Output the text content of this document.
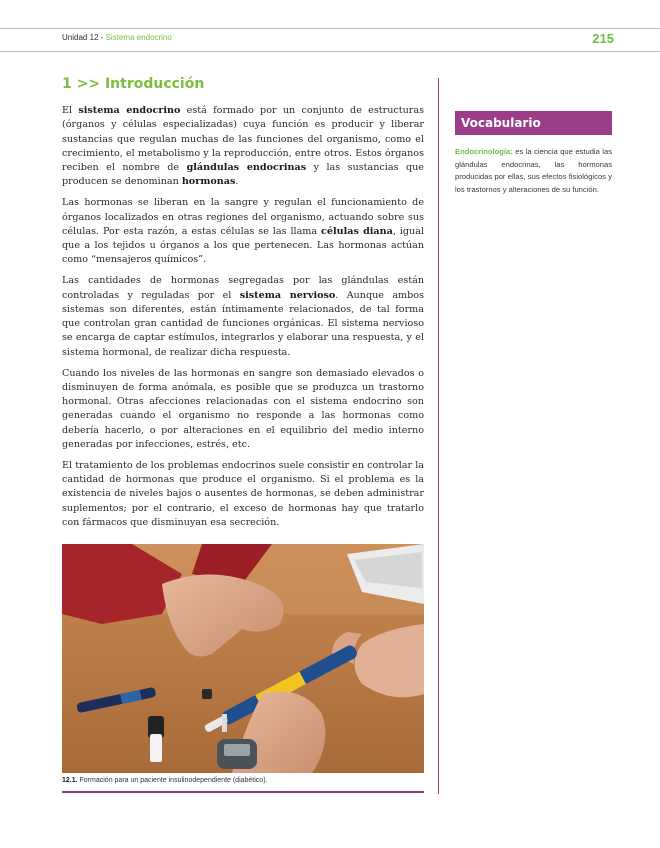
Unidad 12 - Sistema endocrino	215
1 >> Introducción

El sistema endocrino está formado por un conjunto de estructuras (órganos y células especializadas) cuya función es producir y liberar sustancias que regulan muchas de las funciones del organismo, como el crecimiento, el metabolismo y la reproducción, entre otros. Estos órganos reciben el nombre de glándulas endocrinas y las sustancias que producen se denominan hormonas.

Las hormonas se liberan en la sangre y regulan el funcionamiento de órganos localizados en otras regiones del organismo, actuando sobre sus células. Por esta razón, a estas células se las llama células diana, igual que a los tejidos u órganos a los que pertenecen. Las hormonas actúan como “mensajeros químicos”.

Las cantidades de hormonas segregadas por las glándulas están controladas y reguladas por el sistema nervioso. Aunque ambos sistemas son diferentes, están íntimamente relacionados, de tal forma que controlan gran cantidad de funciones orgánicas. El sistema nervioso se encarga de captar estímulos, integrarlos y elaborar una respuesta, y el sistema hormonal, de realizar dicha respuesta.

Cuando los niveles de las hormonas en sangre son demasiado elevados o disminuyen de forma anómala, es posible que se produzca un trastorno hormonal. Otras afecciones relacionadas con el sistema endocrino son generadas cuando el organismo no responde a las hormonas como debería hacerlo, o por alteraciones en el equilibrio del medio interno generadas por infecciones, estrés, etc.

El tratamiento de los problemas endocrinos suele consistir en controlar la cantidad de hormonas que produce el organismo. Si el problema es la existencia de niveles bajos o ausentes de hormonas, se deben administrar suplementos; por el contrario, el exceso de hormonas hay que tratarlo con fármacos que disminuyan esa secreción.

12.1. Formación para un paciente insulinodependiente (diabético).
Vocabulario

Endocrinología: es la ciencia que estudia las glándulas endocrinas, las hormonas producidas por ellas, sus efectos fisiológicos y los trastornos y alteraciones de su función.
